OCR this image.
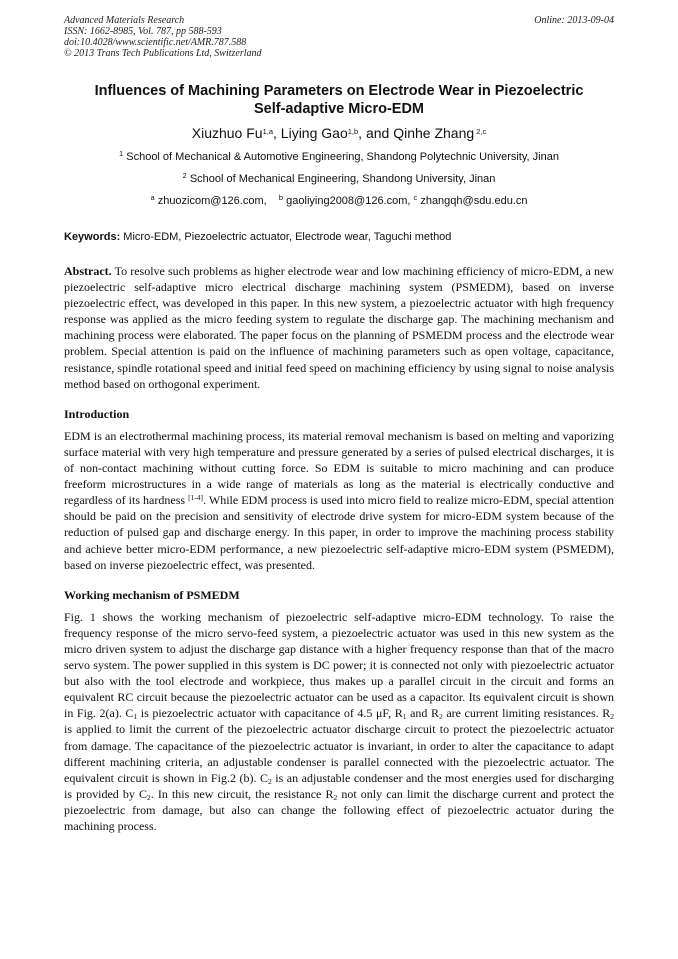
Advanced Materials Research
ISSN: 1662-8985, Vol. 787, pp 588-593
doi:10.4028/www.scientific.net/AMR.787.588
© 2013 Trans Tech Publications Ltd, Switzerland
Online: 2013-09-04
Influences of Machining Parameters on Electrode Wear in Piezoelectric
Self-adaptive Micro-EDM
Xiuzhuo Fu$^{1,a}$, Liying Gao$^{1,b}$, and Qinhe Zhang $^{2,c}$
$^1$ School of Mechanical & Automotive Engineering, Shandong Polytechnic University, Jinan
$^2$ School of Mechanical Engineering, Shandong University, Jinan
$^a$ zhuozicom@126.com, $^b$ gaoliying2008@126.com, $^c$ zhangqh@sdu.edu.cn
Keywords: Micro-EDM, Piezoelectric actuator, Electrode wear, Taguchi method

Abstract. To resolve such problems as higher electrode wear and low machining efficiency of micro-EDM, a new piezoelectric self-adaptive micro electrical discharge machining system (PSMEDM), based on inverse piezoelectric effect, was developed in this paper. In this new system, a piezoelectric actuator with high frequency response was applied as the micro feeding system to regulate the discharge gap. The machining mechanism and machining process were elaborated. The paper focus on the planning of PSMEDM process and the electrode wear problem. Special attention is paid on the influence of machining parameters such as open voltage, capacitance, resistance, spindle rotational speed and initial feed speed on machining efficiency by using signal to noise analysis method based on orthogonal experiment.

Introduction

EDM is an electrothermal machining process, its material removal mechanism is based on melting and vaporizing surface material with very high temperature and pressure generated by a series of pulsed electrical discharges, it is of non-contact machining without cutting force. So EDM is suitable to micro machining and can produce freeform microstructures in a wide range of materials as long as the material is electrically conductive and regardless of its hardness [1-4]. While EDM process is used into micro field to realize micro-EDM, special attention should be paid on the precision and sensitivity of electrode drive system for micro-EDM system because of the reduction of pulsed gap and discharge energy. In this paper, in order to improve the machining process stability and achieve better micro-EDM performance, a new piezoelectric self-adaptive micro-EDM system (PSMEDM), based on inverse piezoelectric effect, was presented.

Working mechanism of PSMEDM

Fig. 1 shows the working mechanism of piezoelectric self-adaptive micro-EDM technology. To raise the frequency response of the micro servo-feed system, a piezoelectric actuator was used in this new system as the micro driven system to adjust the discharge gap distance with a higher frequency response than that of the macro servo system. The power supplied in this system is DC power; it is connected not only with piezoelectric actuator but also with the tool electrode and workpiece, thus makes up a parallel circuit in the circuit and forms an equivalent RC circuit because the piezoelectric actuator can be used as a capacitor. Its equivalent circuit is shown in Fig. 2(a). $C_1$ is piezoelectric actuator with capacitance of 4.5 μF, $R_1$ and $R_2$ are current limiting resistances. $R_2$ is applied to limit the current of the piezoelectric actuator discharge circuit to protect the piezoelectric actuator from damage. The capacitance of the piezoelectric actuator is invariant, in order to alter the capacitance to adapt different machining criteria, an adjustable condenser is parallel connected with the piezoelectric actuator. The equivalent circuit is shown in Fig.2 (b). $C_2$ is an adjustable condenser and the most energies used for discharging is provided by $C_2$. In this new circuit, the resistance $R_2$ not only can limit the discharge current and protect the piezoelectric from damage, but also can change the following effect of piezoelectric actuator during the machining process.
